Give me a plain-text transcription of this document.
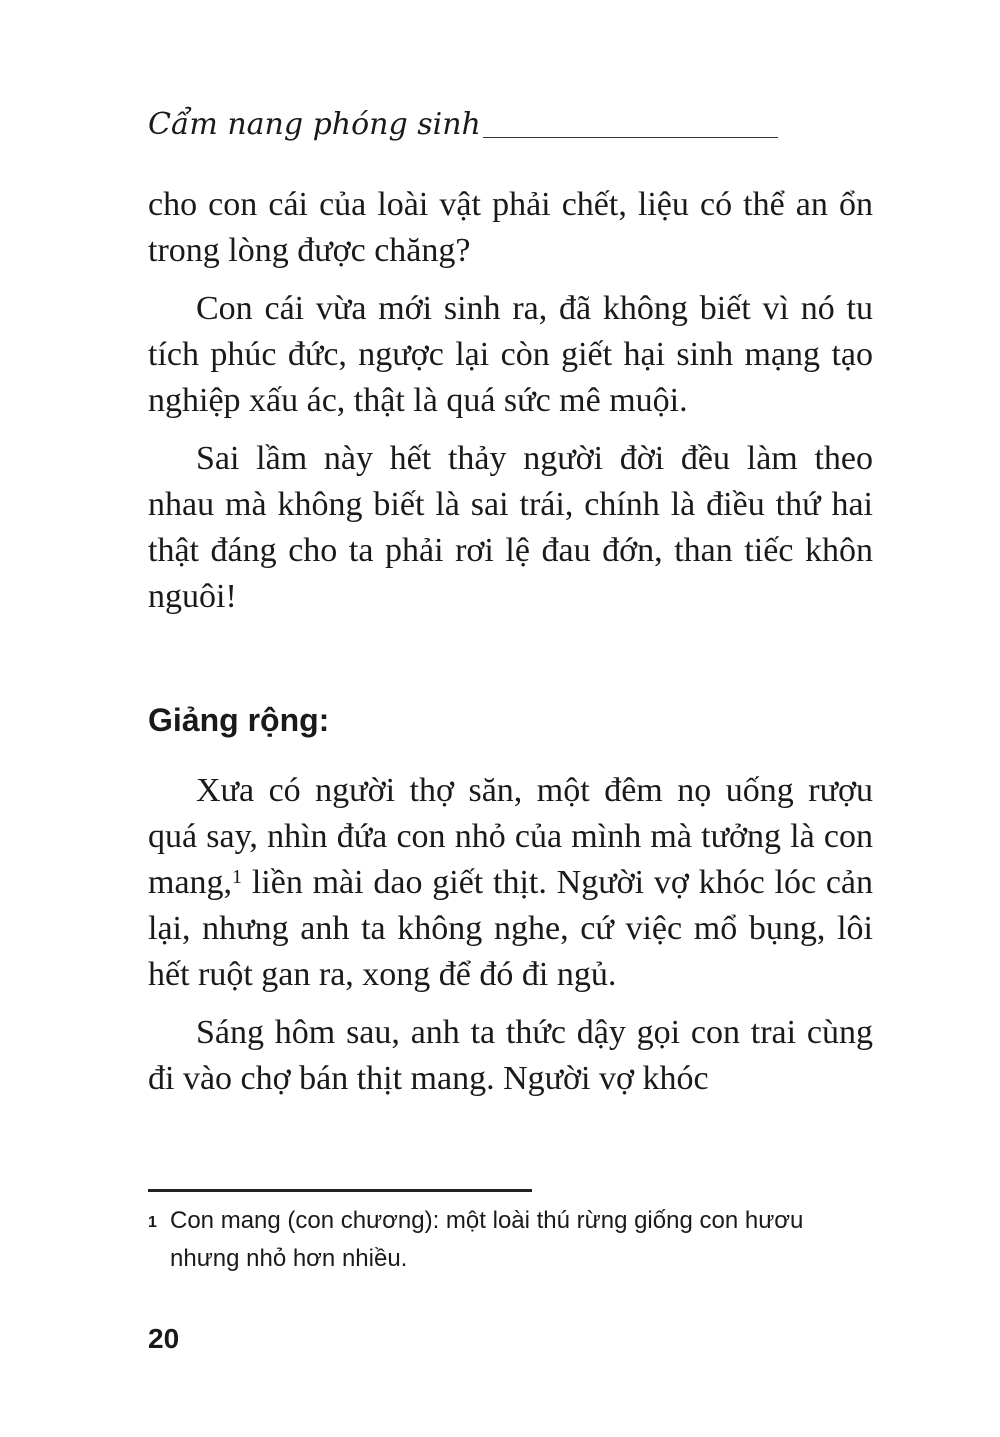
Cẩm nang phóng sinh

cho con cái của loài vật phải chết, liệu có thể an ổn trong lòng được chăng?

Con cái vừa mới sinh ra, đã không biết vì nó tu tích phúc đức, ngược lại còn giết hại sinh mạng tạo nghiệp xấu ác, thật là quá sức mê muội.

Sai lầm này hết thảy người đời đều làm theo nhau mà không biết là sai trái, chính là điều thứ hai thật đáng cho ta phải rơi lệ đau đớn, than tiếc khôn nguôi!

Giảng rộng:

Xưa có người thợ săn, một đêm nọ uống rượu quá say, nhìn đứa con nhỏ của mình mà tưởng là con mang,$^1$ liền mài dao giết thịt. Người vợ khóc lóc cản lại, nhưng anh ta không nghe, cứ việc mổ bụng, lôi hết ruột gan ra, xong để đó đi ngủ.

Sáng hôm sau, anh ta thức dậy gọi con trai cùng đi vào chợ bán thịt mang. Người vợ khóc

1 Con mang (con chương): một loài thú rừng giống con hươu nhưng nhỏ hơn nhiều.
20
